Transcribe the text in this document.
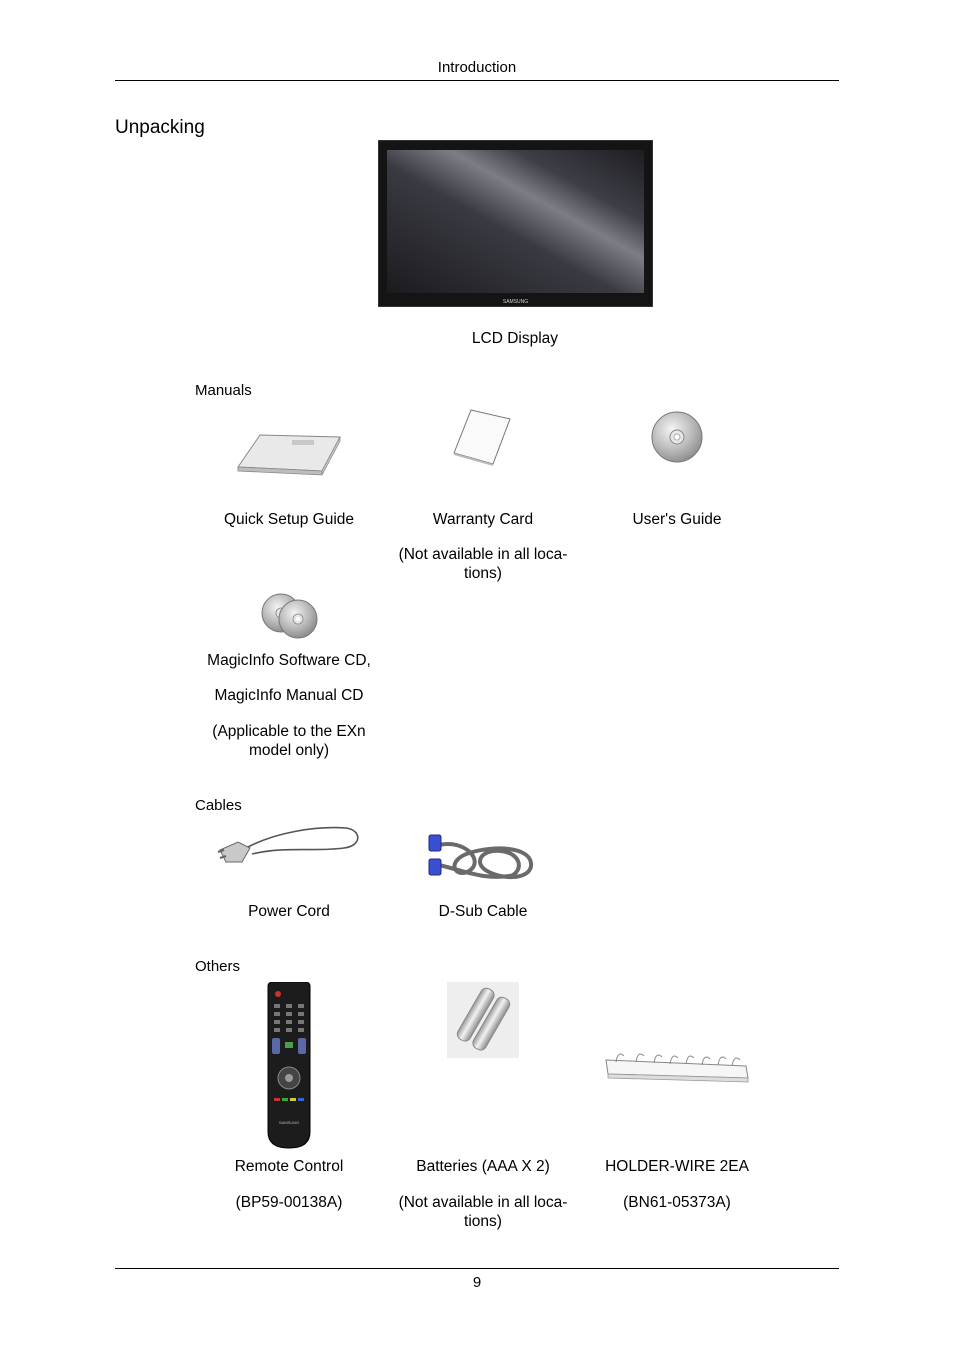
Introduction
Unpacking
SAMSUNG
LCD Display
Manuals
Quick Setup Guide	Warranty Card
(Not available in all loca-
tions)
User's Guide
MagicInfo Software CD,
MagicInfo Manual CD
(Applicable to the EXn
model only)
Cables
Power Cord	D-Sub Cable
Others
SAMSUNG
Remote Control
(BP59-00138A)
Batteries (AAA X 2)
(Not available in all loca-
tions)
HOLDER-WIRE 2EA
(BN61-05373A)
9
